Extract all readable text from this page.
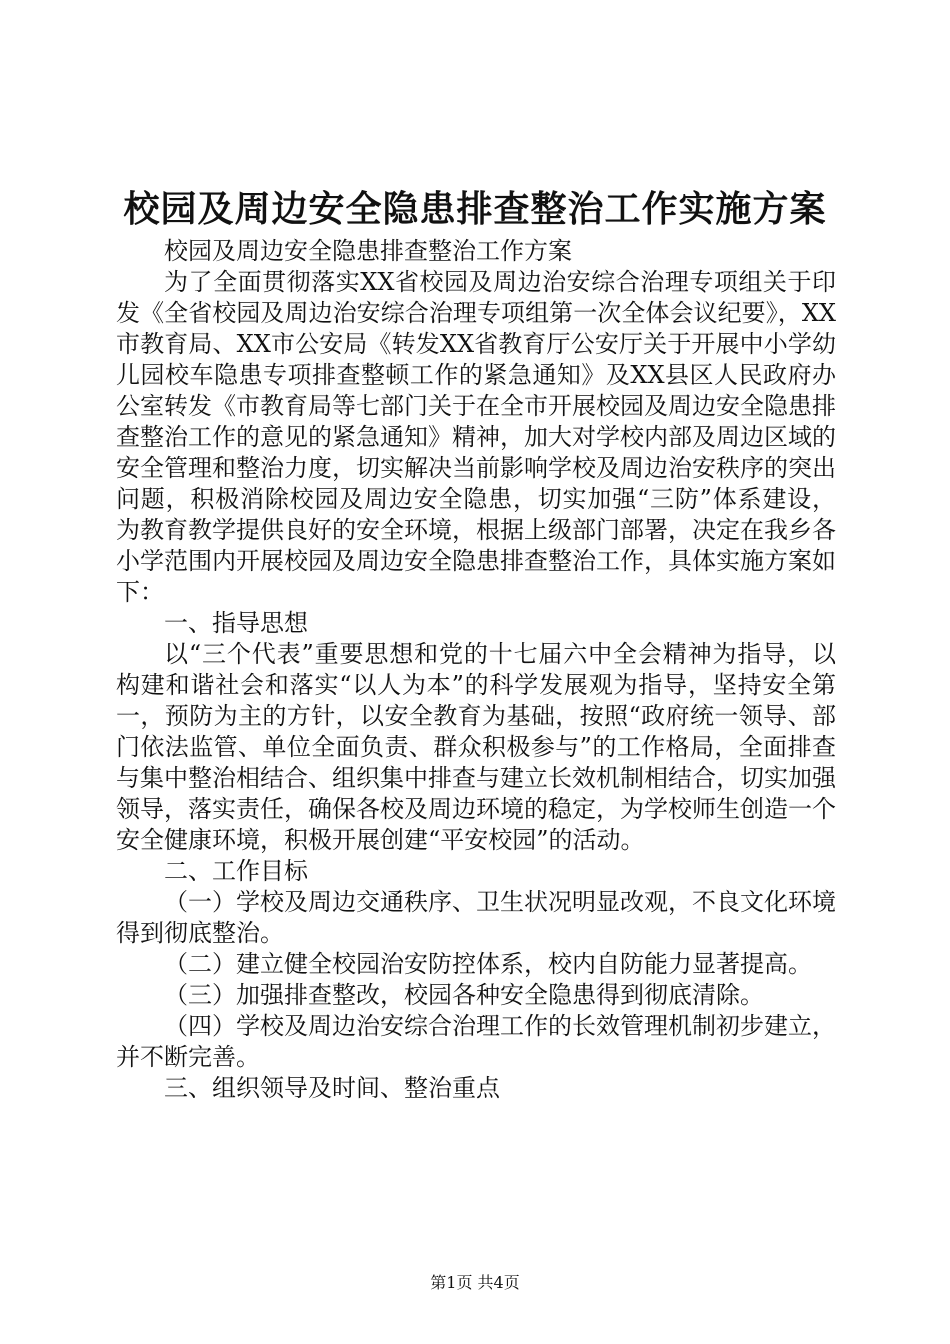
校园及周边安全隐患排查整治工作实施方案

校园及周边安全隐患排查整治工作方案

为了全面贯彻落实XX省校园及周边治安综合治理专项组关于印发《全省校园及周边治安综合治理专项组第一次全体会议纪要》，XX市教育局、XX市公安局《转发XX省教育厅公安厅关于开展中小学幼儿园校车隐患专项排查整顿工作的紧急通知》及XX县区人民政府办公室转发《市教育局等七部门关于在全市开展校园及周边安全隐患排查整治工作的意见的紧急通知》精神，加大对学校内部及周边区域的安全管理和整治力度，切实解决当前影响学校及周边治安秩序的突出问题，积极消除校园及周边安全隐患，切实加强“三防”体系建设，为教育教学提供良好的安全环境，根据上级部门部署，决定在我乡各小学范围内开展校园及周边安全隐患排查整治工作，具体实施方案如下：

一、指导思想

以“三个代表”重要思想和党的十七届六中全会精神为指导，以构建和谐社会和落实“以人为本”的科学发展观为指导，坚持安全第一，预防为主的方针，以安全教育为基础，按照“政府统一领导、部门依法监管、单位全面负责、群众积极参与”的工作格局，全面排查与集中整治相结合、组织集中排查与建立长效机制相结合，切实加强领导，落实责任，确保各校及周边环境的稳定，为学校师生创造一个安全健康环境，积极开展创建“平安校园”的活动。

二、工作目标

（一）学校及周边交通秩序、卫生状况明显改观，不良文化环境得到彻底整治。

（二）建立健全校园治安防控体系，校内自防能力显著提高。

（三）加强排查整改，校园各种安全隐患得到彻底清除。

（四）学校及周边治安综合治理工作的长效管理机制初步建立，并不断完善。

三、组织领导及时间、整治重点

第1页 共4页
